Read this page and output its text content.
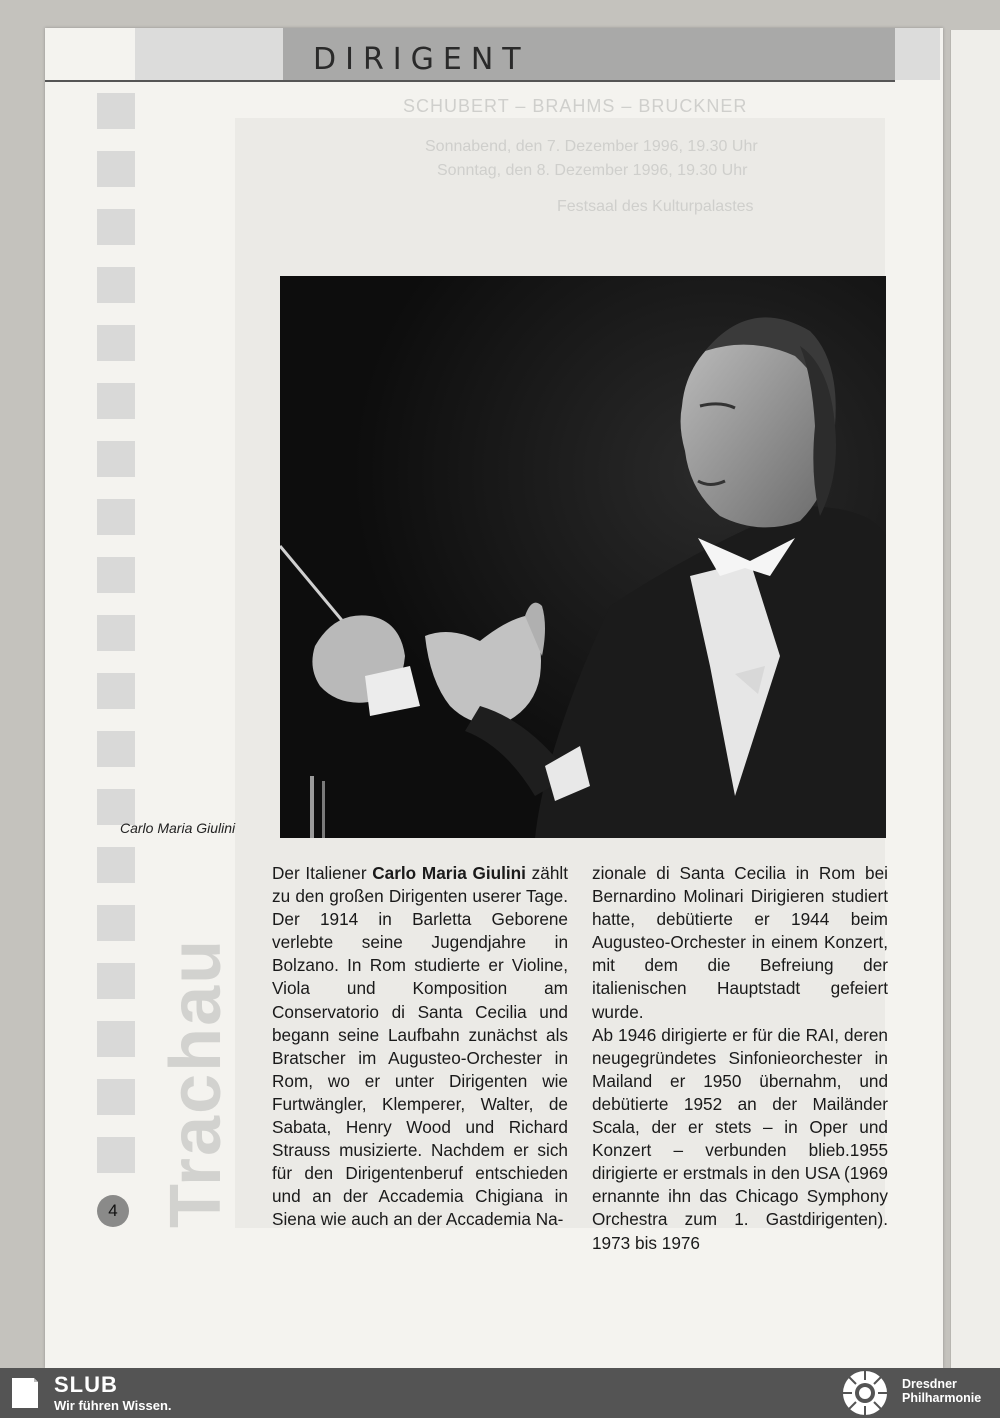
DIRIGENT
SCHUBERT – BRAHMS – BRUCKNER
Sonnabend, den 7. Dezember 1996, 19.30 Uhr
Sonntag, den 8. Dezember 1996, 19.30 Uhr
Festsaal des Kulturpalastes
Trachau
Carlo Maria Giulini

Der Italiener Carlo Maria Giulini zählt zu den großen Dirigenten userer Tage. Der 1914 in Barletta Geborene verlebte seine Jugendjahre in Bolzano. In Rom studierte er Violine, Viola und Komposition am Conservatorio di Santa Cecilia und begann seine Laufbahn zunächst als Bratscher im Augusteo-Orchester in Rom, wo er unter Dirigenten wie Furtwängler, Klemperer, Walter, de Sabata, Henry Wood und Richard Strauss musizierte. Nachdem er sich für den Dirigentenberuf entschieden und an der Accademia Chigiana in Siena wie auch an der Accademia Na-

zionale di Santa Cecilia in Rom bei Bernardino Molinari Dirigieren studiert hatte, debütierte er 1944 beim Augusteo-Orchester in einem Konzert, mit dem die Befreiung der italienischen Hauptstadt gefeiert wurde.

Ab 1946 dirigierte er für die RAI, deren neugegründetes Sinfonieorchester in Mailand er 1950 übernahm, und debütierte 1952 an der Mailänder Scala, der er stets – in Oper und Konzert – verbunden blieb.1955 dirigierte er erstmals in den USA (1969 ernannte ihn das Chicago Symphony Orchestra zum 1. Gastdirigenten). 1973 bis 1976

4
SLUB
Wir führen Wissen.
Dresdner
Philharmonie
